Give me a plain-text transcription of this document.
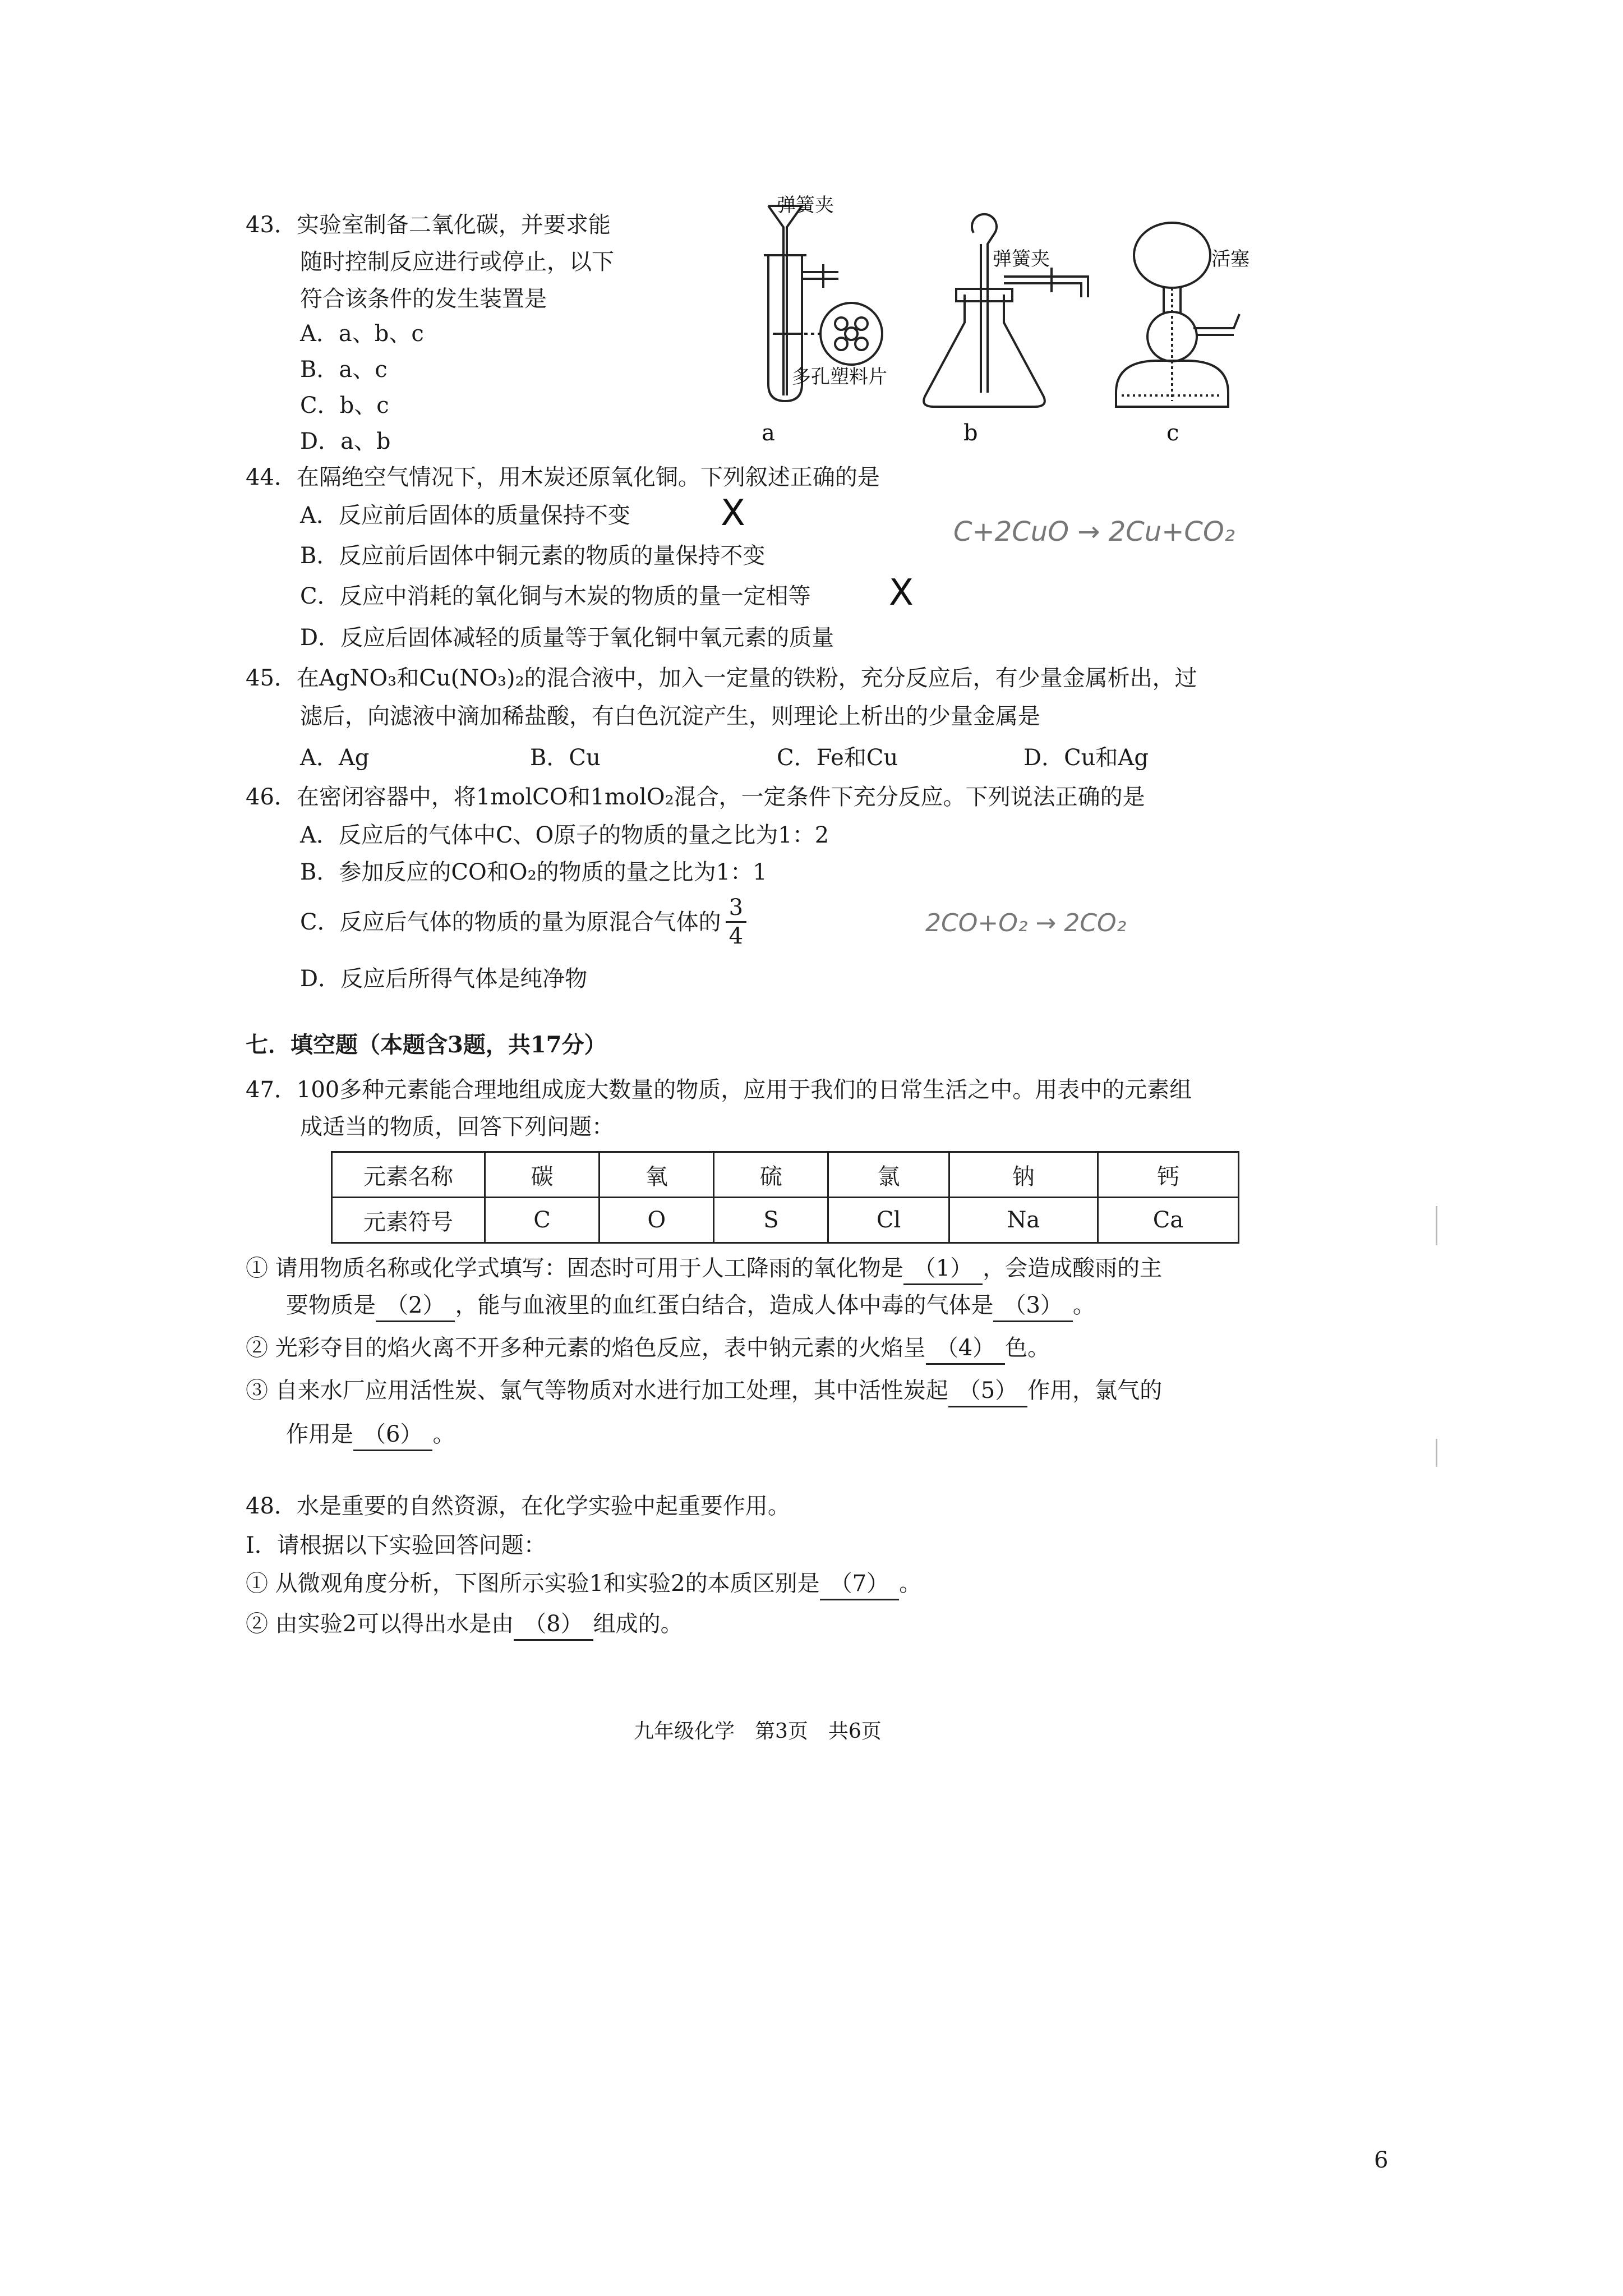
43．实验室制备二氧化碳，并要求能
随时控制反应进行或停止，以下
符合该条件的发生装置是
A．a、b、c
B．a、c
C．b、c
D．a、b
弹簧夹
多孔塑料片
弹簧夹	活塞
a	b	c
44．在隔绝空气情况下，用木炭还原氧化铜。下列叙述正确的是
A．反应前后固体的质量保持不变	X	C+2CuO → 2Cu+CO₂
B．反应前后固体中铜元素的物质的量保持不变
C．反应中消耗的氧化铜与木炭的物质的量一定相等 X
D．反应后固体减轻的质量等于氧化铜中氧元素的质量
45．在AgNO₃和Cu(NO₃)₂的混合液中，加入一定量的铁粉，充分反应后，有少量金属析出，过
滤后，向滤液中滴加稀盐酸，有白色沉淀产生，则理论上析出的少量金属是
A．Ag	B．Cu	C．Fe和Cu	D．Cu和Ag
46．在密闭容器中，将1molCO和1molO₂混合，一定条件下充分反应。下列说法正确的是
A．反应后的气体中C、O原子的物质的量之比为1：2
B．参加反应的CO和O₂的物质的量之比为1：1
C．反应后气体的物质的量为原混合气体的 $\frac{3}{4}$	2CO+O₂ → 2CO₂
D．反应后所得气体是纯净物
七．填空题（本题含3题，共17分）
47．100多种元素能合理地组成庞大数量的物质，应用于我们的日常生活之中。用表中的元素组
成适当的物质，回答下列问题：
元素名称	碳	氧	硫	氯	钠	钙
元素符号	C	O	S	Cl	Na	Ca
① 请用物质名称或化学式填写：固态时可用于人工降雨的氧化物是 （1） ，会造成酸雨的主
要物质是 （2） ，能与血液里的血红蛋白结合，造成人体中毒的气体是 （3） 。
② 光彩夺目的焰火离不开多种元素的焰色反应，表中钠元素的火焰呈 （4） 色。
③ 自来水厂应用活性炭、氯气等物质对水进行加工处理，其中活性炭起 （5） 作用，氯气的
作用是 （6） 。
48．水是重要的自然资源，在化学实验中起重要作用。
Ⅰ．请根据以下实验回答问题：
① 从微观角度分析，下图所示实验1和实验2的本质区别是 （7） 。
② 由实验2可以得出水是由 （8） 组成的。
九年级化学　第3页　共6页
6
